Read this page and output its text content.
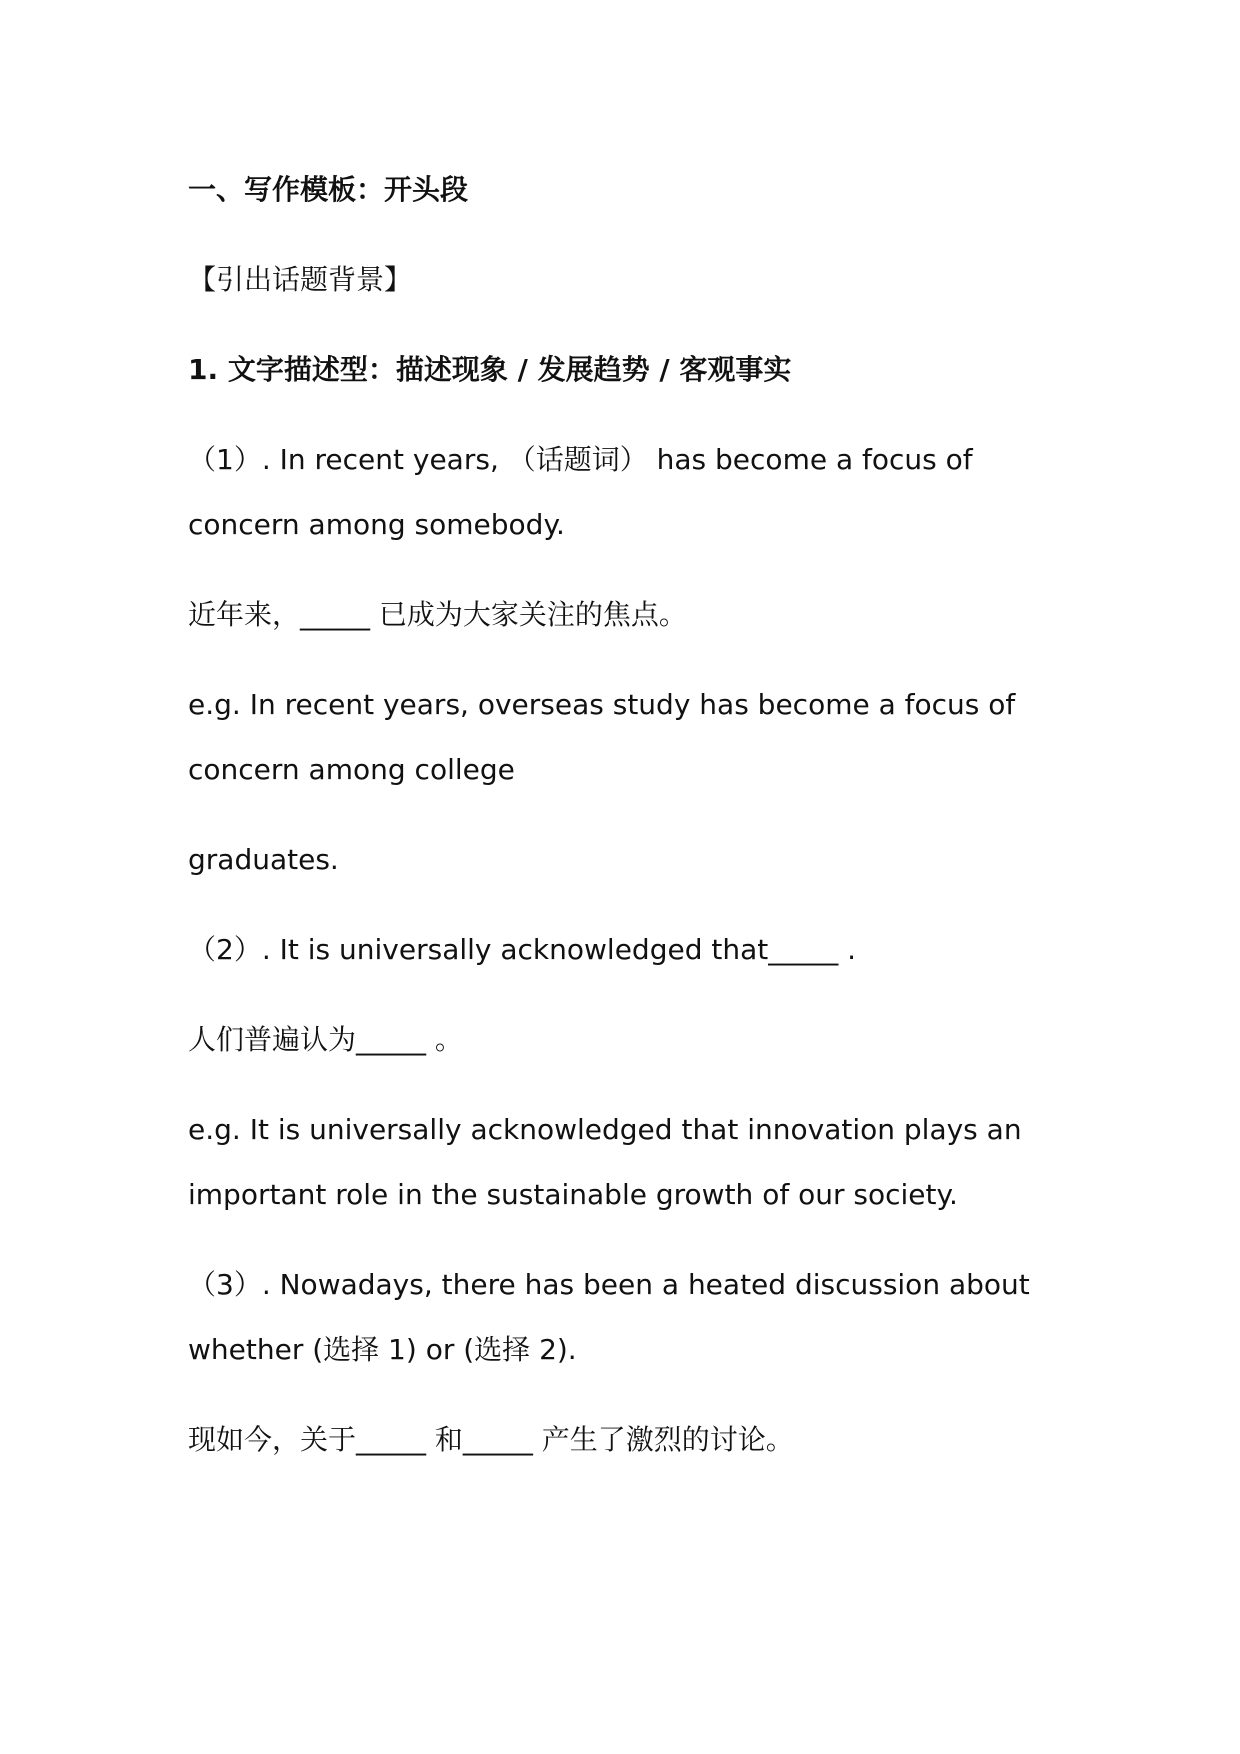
一、写作模板：开头段
【引出话题背景】
1. 文字描述型：描述现象 / 发展趋势 / 客观事实
（1）. In recent years, （话题词） has become a focus of
concern among somebody.
近年来，_____ 已成为大家关注的焦点。
e.g. In recent years, overseas study has become a focus of
concern among college
graduates.
（2）. It is universally acknowledged that_____ .
人们普遍认为_____ 。
e.g. It is universally acknowledged that innovation plays an
important role in the sustainable growth of our society.
（3）. Nowadays, there has been a heated discussion about
whether (选择 1) or (选择 2).
现如今，关于_____ 和_____ 产生了激烈的讨论。
